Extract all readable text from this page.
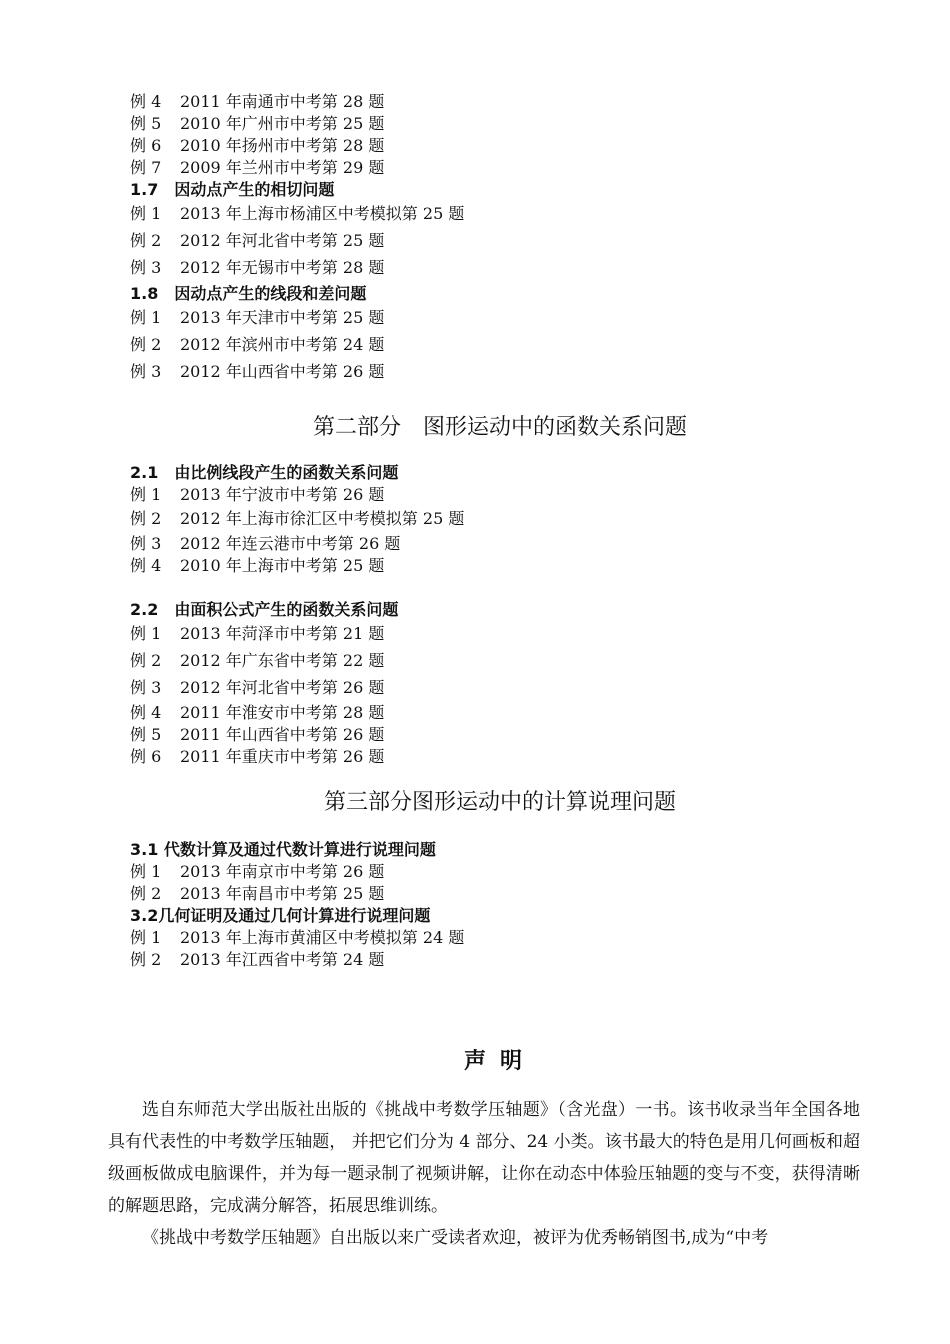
例 4 2011 年南通市中考第 28 题
例 5 2010 年广州市中考第 25 题
例 6 2010 年扬州市中考第 28 题
例 7 2009 年兰州市中考第 29 题
1.7　因动点产生的相切问题
例 1 2013 年上海市杨浦区中考模拟第 25 题
例 2 2012 年河北省中考第 25 题
例 3 2012 年无锡市中考第 28 题
1.8　因动点产生的线段和差问题
例 1 2013 年天津市中考第 25 题
例 2 2012 年滨州市中考第 24 题
例 3 2012 年山西省中考第 26 题
第二部分　图形运动中的函数关系问题
2.1　由比例线段产生的函数关系问题
例 1 2013 年宁波市中考第 26 题
例 2 2012 年上海市徐汇区中考模拟第 25 题
例 3 2012 年连云港市中考第 26 题
例 4 2010 年上海市中考第 25 题
2.2　由面积公式产生的函数关系问题
例 1 2013 年菏泽市中考第 21 题
例 2 2012 年广东省中考第 22 题
例 3 2012 年河北省中考第 26 题
例 4 2011 年淮安市中考第 28 题
例 5 2011 年山西省中考第 26 题
例 6 2011 年重庆市中考第 26 题
第三部分图形运动中的计算说理问题
3.1 代数计算及通过代数计算进行说理问题
例 1 2013 年南京市中考第 26 题
例 2 2013 年南昌市中考第 25 题
3.2几何证明及通过几何计算进行说理问题
例 1 2013 年上海市黄浦区中考模拟第 24 题
例 2 2013 年江西省中考第 24 题
声明
选自东师范大学出版社出版的《挑战中考数学压轴题》（含光盘）一书。该书收录当年全国各地具有代表性的中考数学压轴题， 并把它们分为 4 部分、24 小类。该书最大的特色是用几何画板和超级画板做成电脑课件，并为每一题录制了视频讲解，让你在动态中体验压轴题的变与不变，获得清晰的解题思路，完成满分解答，拓展思维训练。
《挑战中考数学压轴题》自出版以来广受读者欢迎，被评为优秀畅销图书,成为“中考
